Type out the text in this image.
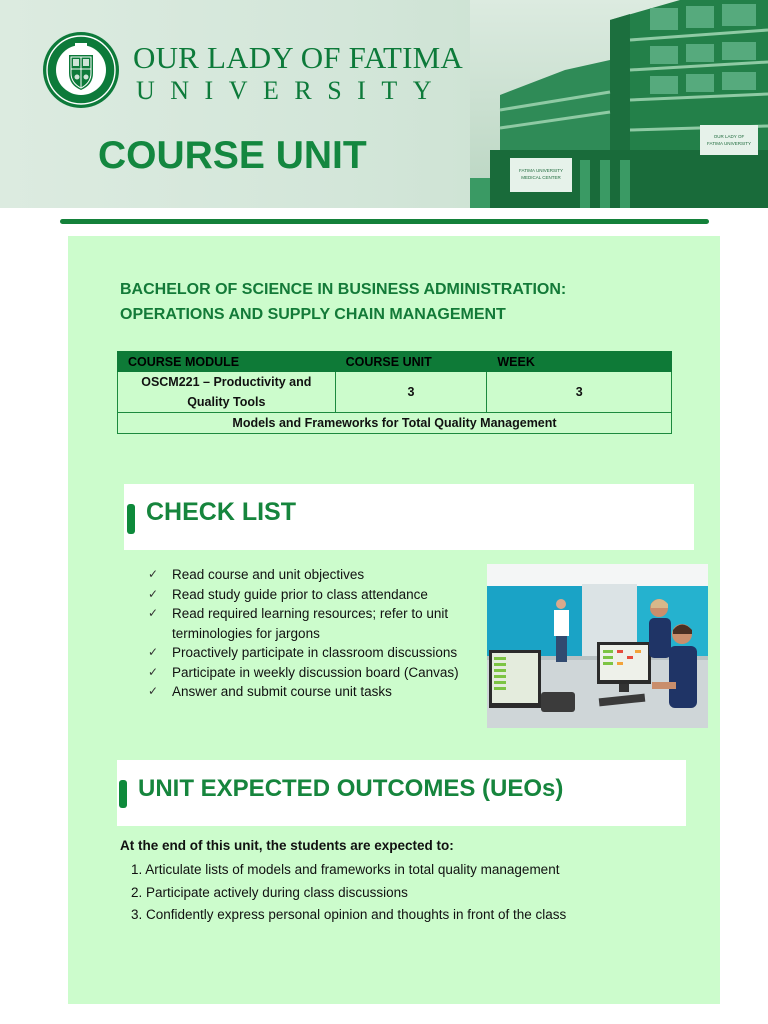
OUR LADY OF FATIMA
UNIVERSITY
COURSE UNIT	FATIMA UNIVERSITY
MEDICAL CENTER
OUR LADY OF
FATIMA UNIVERSITY
BACHELOR OF SCIENCE IN BUSINESS ADMINISTRATION:
OPERATIONS AND SUPPLY CHAIN MANAGEMENT
COURSE MODULE	COURSE UNIT	WEEK
OSCM221 – Productivity and Quality Tools	3	3
Models and Frameworks for Total Quality Management		
CHECK LIST
✓ Read course and unit objectives
✓ Read study guide prior to class attendance
✓ Read required learning resources; refer to unit terminologies for jargons
✓ Proactively participate in classroom discussions
✓ Participate in weekly discussion board (Canvas)
✓ Answer and submit course unit tasks
UNIT EXPECTED OUTCOMES (UEOs)
At the end of this unit, the students are expected to:
1. Articulate lists of models and frameworks in total quality management
2. Participate actively during class discussions
3. Confidently express personal opinion and thoughts in front of the class
